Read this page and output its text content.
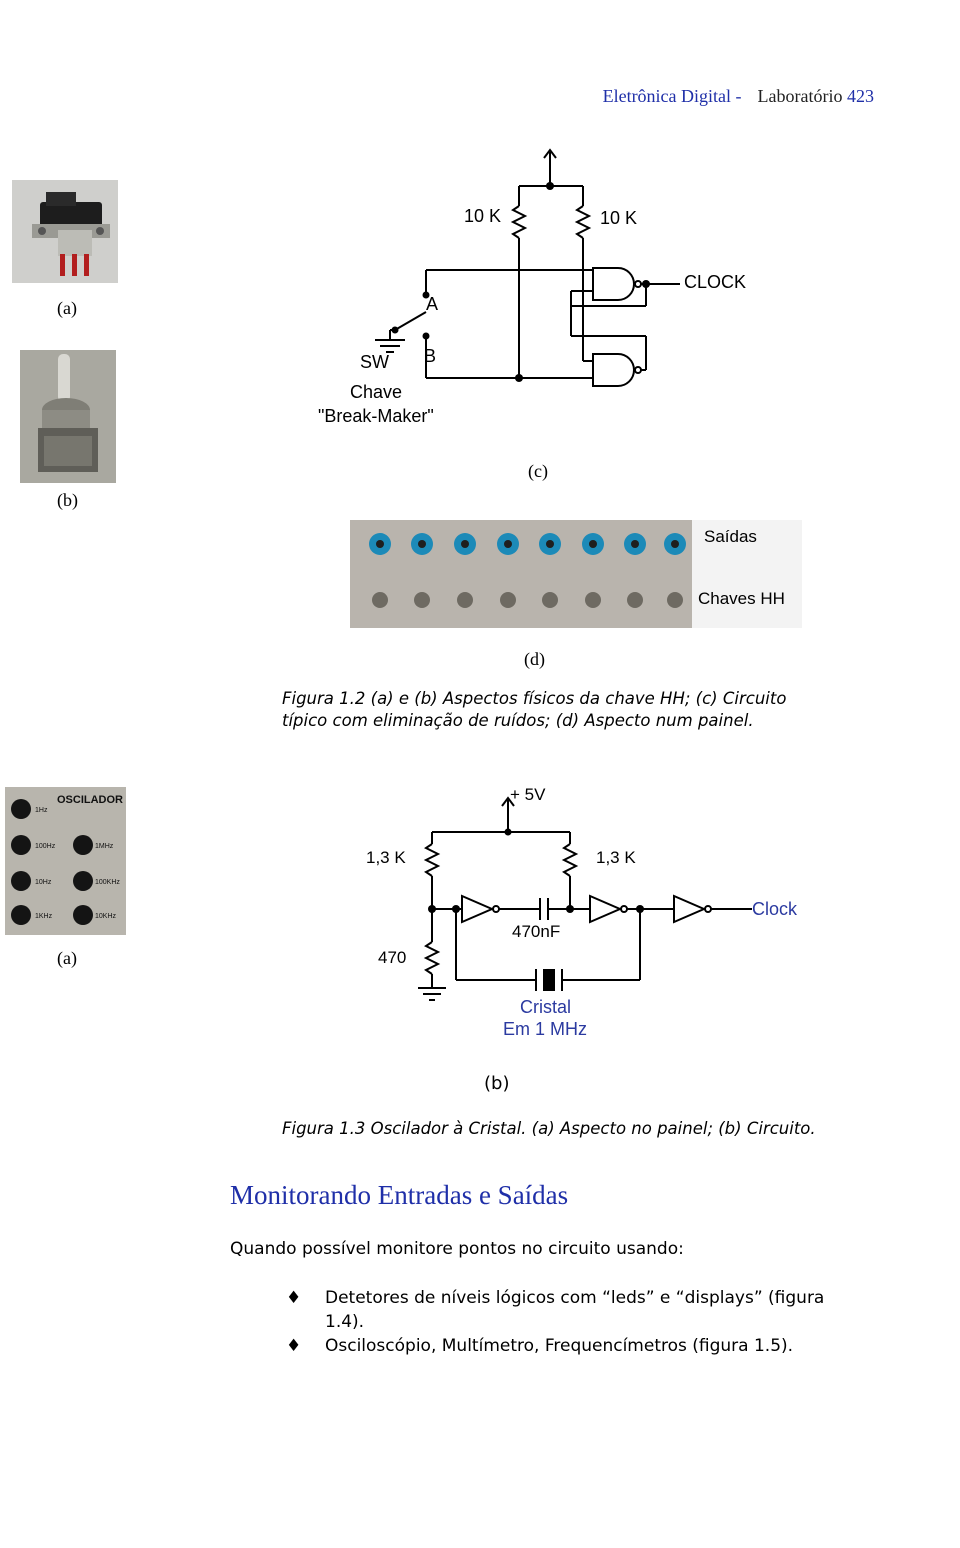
Eletrônica Digital - Laboratório 423
(a)
(b)
10 K	10 K
CLOCK
A
B
SW
Chave
"Break-Maker"
(c)
Saídas
Chaves HH
(d)
Figura 1.2 (a) e (b) Aspectos físicos da chave HH; (c) Circuito
típico com eliminação de ruídos; (d) Aspecto num painel.
OSCILADOR
1Hz
100Hz	1MHz
10Hz	100KHz
1KHz	10KHz
(a)
+ 5V
1,3 K	1,3 K
470nF
470
Clock
Cristal
Em 1 MHz
(b)
Figura 1.3 Oscilador à Cristal. (a) Aspecto no painel; (b) Circuito.
Monitorando Entradas e Saídas
Quando possível monitore pontos no circuito usando:
♦ Detetores de níveis lógicos com “leds” e “displays” (figura
1.4).
♦ Osciloscópio, Multímetro, Frequencímetros (figura 1.5).
